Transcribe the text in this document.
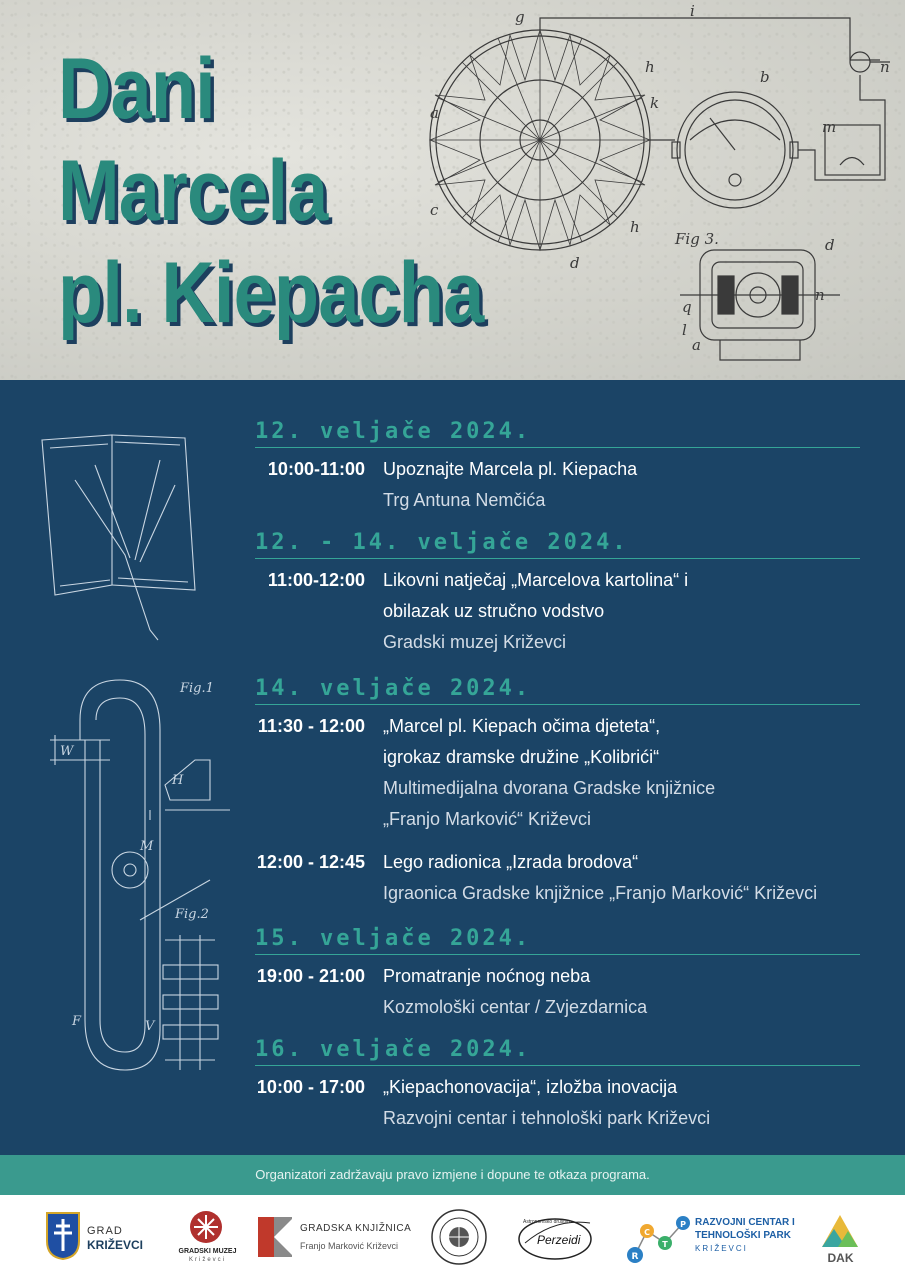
a
c
g	i
h
k
b
m
n
h
d
Fig 3.
q
l
a
d
n
Dani
Marcela
pl. Kiepacha
Fig.1
Fig.2
W
M
H
F	V
12. veljače 2024.
10:00-11:00 Upoznajte Marcela pl. Kiepacha
Trg Antuna Nemčića
12. - 14. veljače 2024.
11:00-12:00 Likovni natječaj „Marcelova kartolina“ i
obilazak uz stručno vodstvo
Gradski muzej Križevci
14. veljače 2024.
11:30 - 12:00 „Marcel pl. Kiepach očima djeteta“,
igrokaz dramske družine „Kolibrići“
Multimedijalna dvorana Gradske knjižnice
„Franjo Marković“ Križevci
12:00 - 12:45 Lego radionica „Izrada brodova“
Igraonica Gradske knjižnice „Franjo Marković“ Križevci
15. veljače 2024.
19:00 - 21:00 Promatranje noćnog neba
Kozmološki centar / Zvjezdarnica
16. veljače 2024.
10:00 - 17:00 „Kiepachonovacija“, izložba inovacija
Razvojni centar i tehnološki park Križevci
Organizatori zadržavaju pravo izmjene i dopune te otkaza programa.
GRAD
KRIŽEVCI	GRADSKI MUZEJ
Križevci
GRADSKA KNJIŽNICA
Franjo Marković Križevci
Astronomsko društvo
Perzeidi
R
C
T
P RAZVOJNI CENTAR I
TEHNOLOŠKI PARK
KRIŽEVCI
DAK
